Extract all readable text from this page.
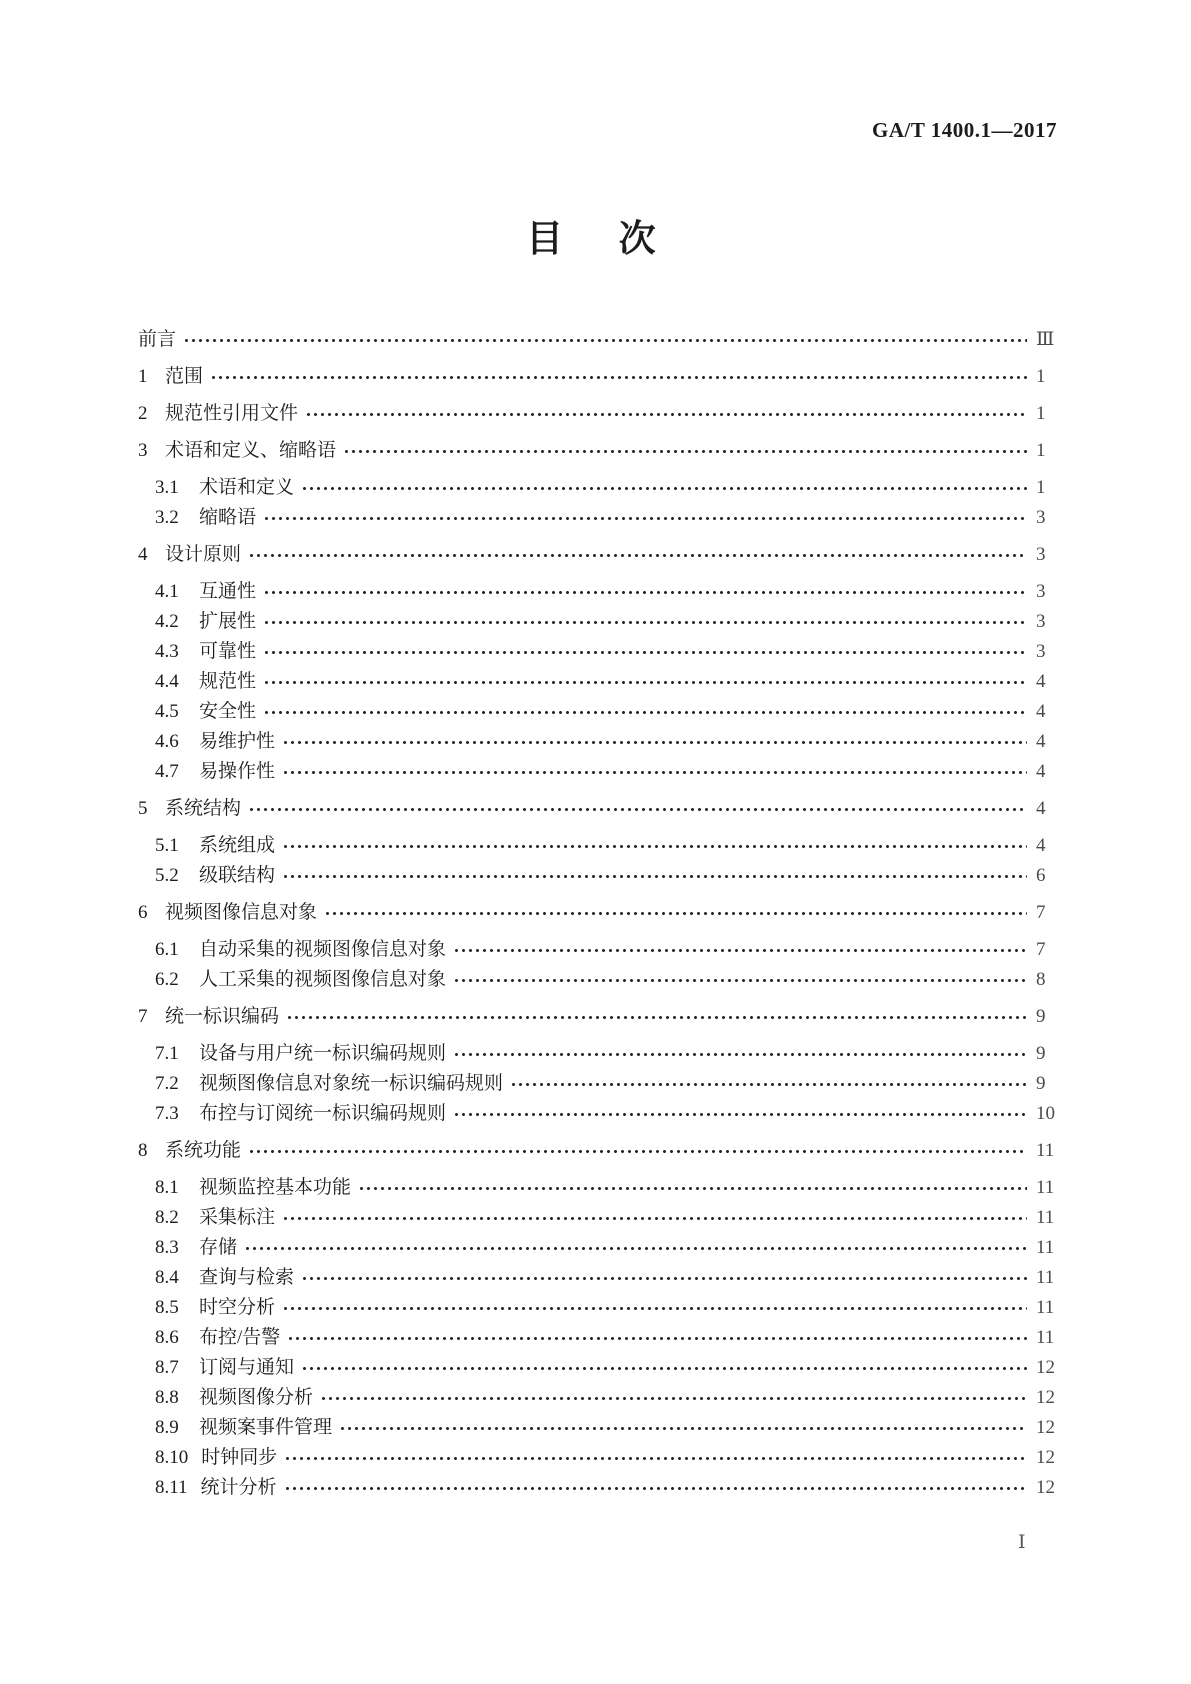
GA/T 1400.1—2017
目　次
前言	Ⅲ
1 范围	1
2 规范性引用文件	1
3 术语和定义、缩略语	1
3.1	术语和定义	1
3.2	缩略语	3
4 设计原则	3
4.1	互通性	3
4.2	扩展性	3
4.3	可靠性	3
4.4	规范性	4
4.5	安全性	4
4.6	易维护性	4
4.7	易操作性	4
5 系统结构	4
5.1	系统组成	4
5.2	级联结构	6
6 视频图像信息对象	7
6.1	自动采集的视频图像信息对象	7
6.2	人工采集的视频图像信息对象	8
7 统一标识编码	9
7.1	设备与用户统一标识编码规则	9
7.2	视频图像信息对象统一标识编码规则	9
7.3	布控与订阅统一标识编码规则	10
8 系统功能	11
8.1	视频监控基本功能	11
8.2	采集标注	11
8.3	存储	11
8.4	查询与检索	11
8.5	时空分析	11
8.6	布控/告警	11
8.7	订阅与通知	12
8.8	视频图像分析	12
8.9	视频案事件管理	12
8.10 时钟同步	12
8.11 统计分析	12
Ⅰ
